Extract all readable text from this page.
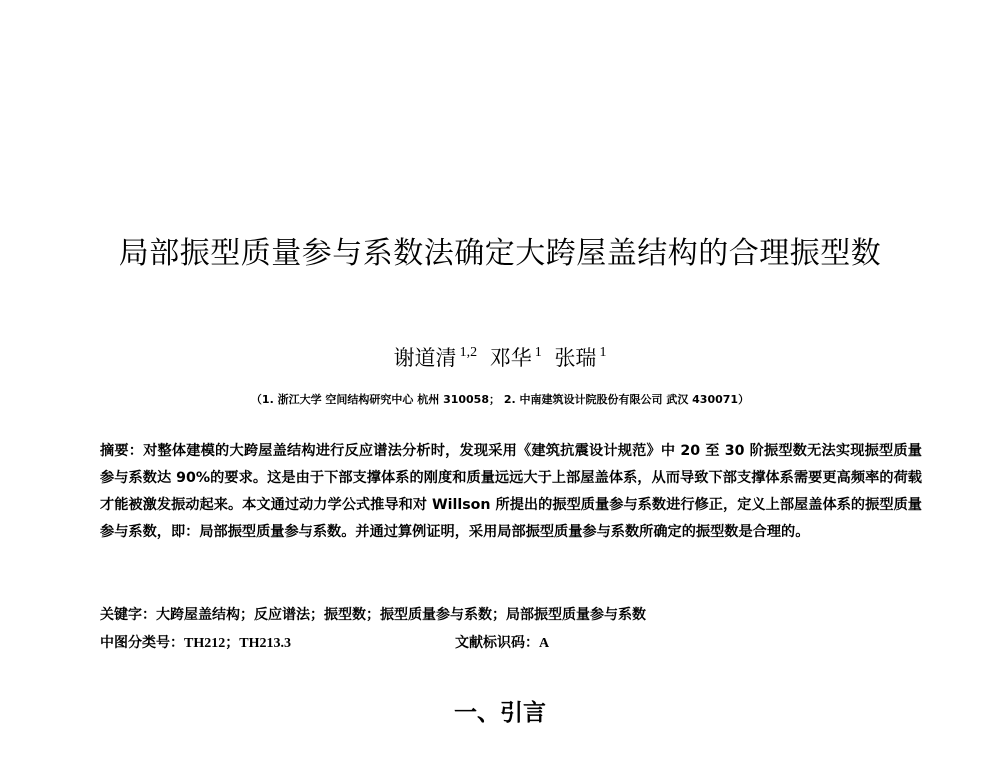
局部振型质量参与系数法确定大跨屋盖结构的合理振型数
谢道清 $^{1,2}$ 邓华 $^1$ 张瑞 $^1$
（1. 浙江大学 空间结构研究中心 杭州 310058； 2. 中南建筑设计院股份有限公司 武汉 430071）

摘要：对整体建模的大跨屋盖结构进行反应谱法分析时，发现采用《建筑抗震设计规范》中 20 至 30 阶振型数无法实现振型质量参与系数达 90%的要求。这是由于下部支撑体系的刚度和质量远远大于上部屋盖体系，从而导致下部支撑体系需要更高频率的荷载才能被激发振动起来。本文通过动力学公式推导和对 Willson 所提出的振型质量参与系数进行修正，定义上部屋盖体系的振型质量参与系数，即：局部振型质量参与系数。并通过算例证明，采用局部振型质量参与系数所确定的振型数是合理的。

关键字：大跨屋盖结构；反应谱法；振型数；振型质量参与系数；局部振型质量参与系数
中图分类号：TH212；TH213.3	文献标识码：A
一、引言
